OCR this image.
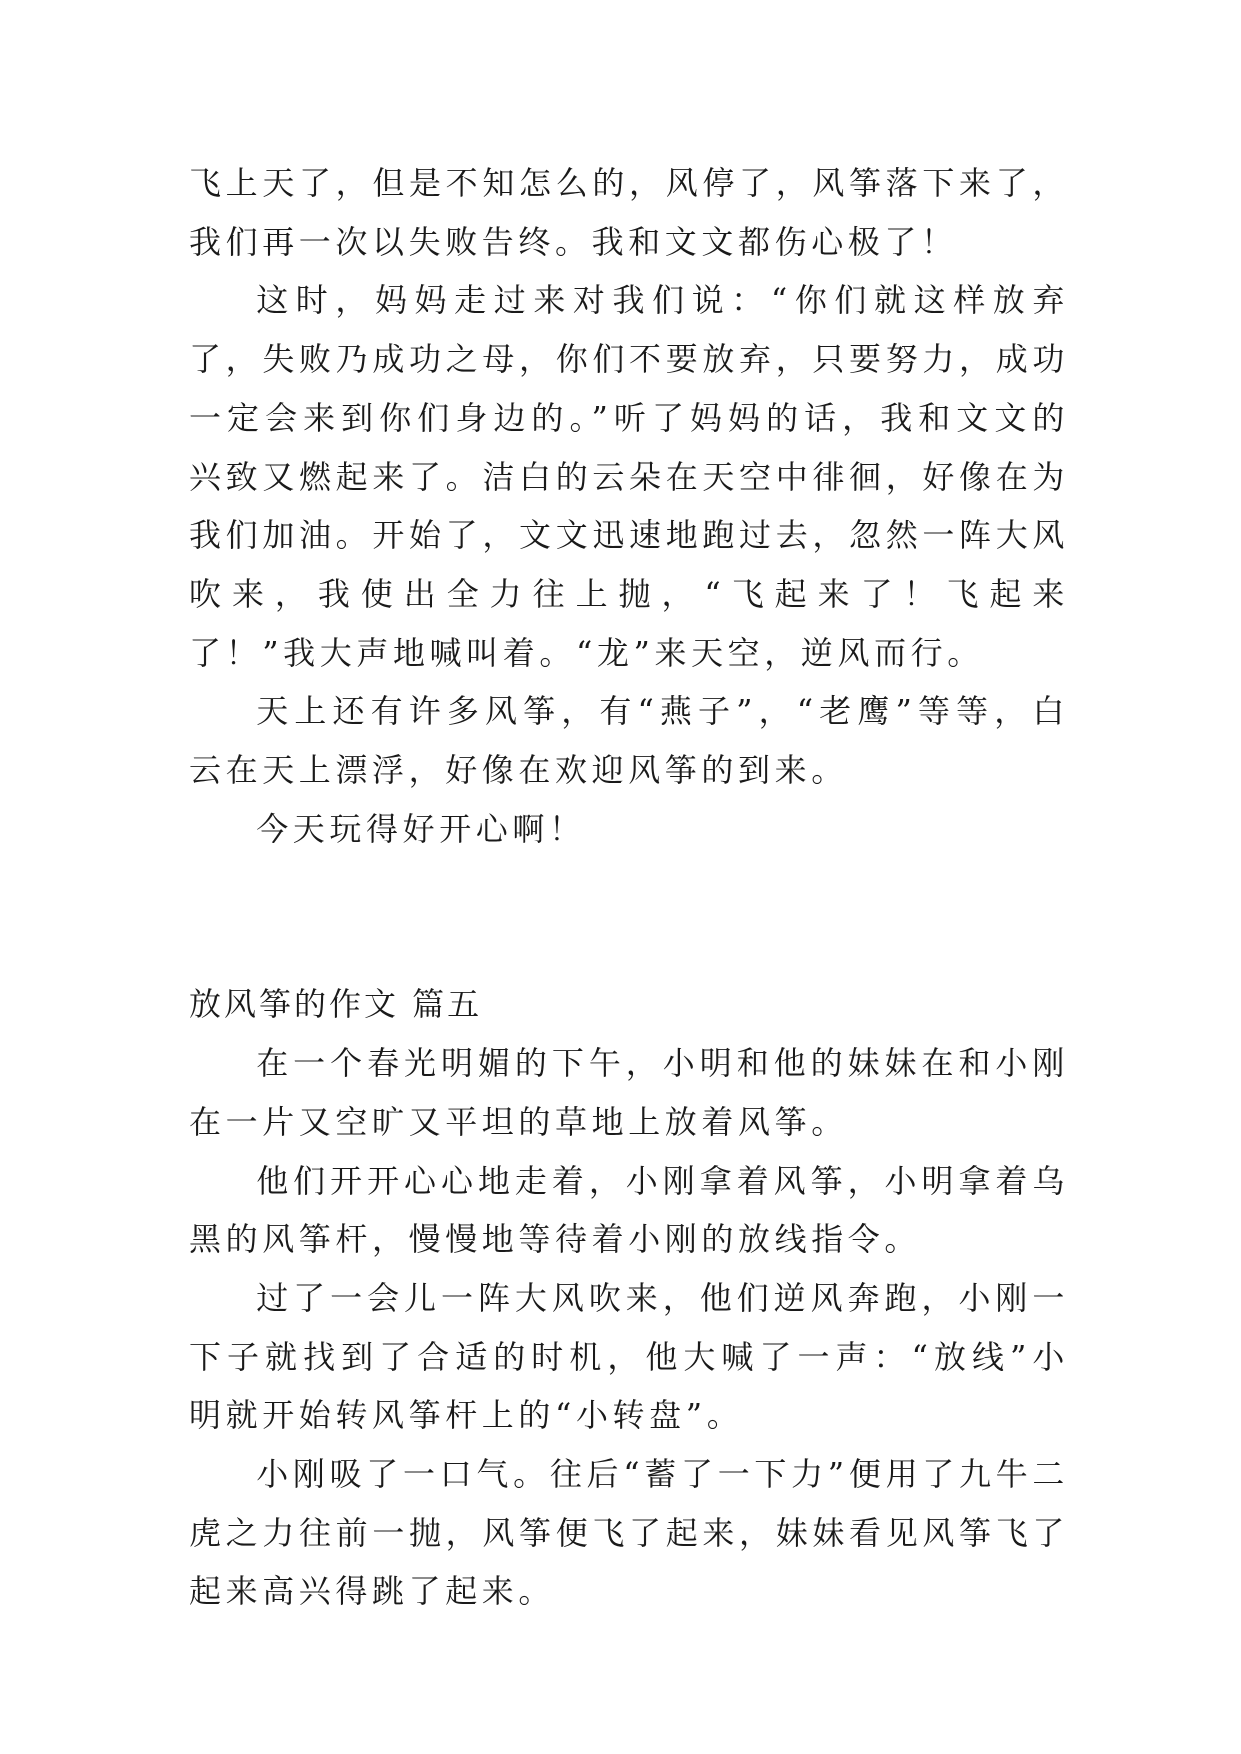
飞上天了，但是不知怎么的，风停了，风筝落下来了，我们再一次以失败告终。我和文文都伤心极了！

这时，妈妈走过来对我们说：“你们就这样放弃了，失败乃成功之母，你们不要放弃，只要努力，成功一定会来到你们身边的。”听了妈妈的话，我和文文的兴致又燃起来了。洁白的云朵在天空中徘徊，好像在为我们加油。开始了，文文迅速地跑过去，忽然一阵大风吹来，我使出全力往上抛，“飞起来了！飞起来了！”我大声地喊叫着。“龙”来天空，逆风而行。

天上还有许多风筝，有“燕子”，“老鹰”等等，白云在天上漂浮，好像在欢迎风筝的到来。

今天玩得好开心啊！

放风筝的作文 篇五

在一个春光明媚的下午，小明和他的妹妹在和小刚在一片又空旷又平坦的草地上放着风筝。

他们开开心心地走着，小刚拿着风筝，小明拿着乌黑的风筝杆，慢慢地等待着小刚的放线指令。

过了一会儿一阵大风吹来，他们逆风奔跑，小刚一下子就找到了合适的时机，他大喊了一声：“放线”小明就开始转风筝杆上的“小转盘”。

小刚吸了一口气。往后“蓄了一下力”便用了九牛二虎之力往前一抛，风筝便飞了起来，妹妹看见风筝飞了起来高兴得跳了起来。
